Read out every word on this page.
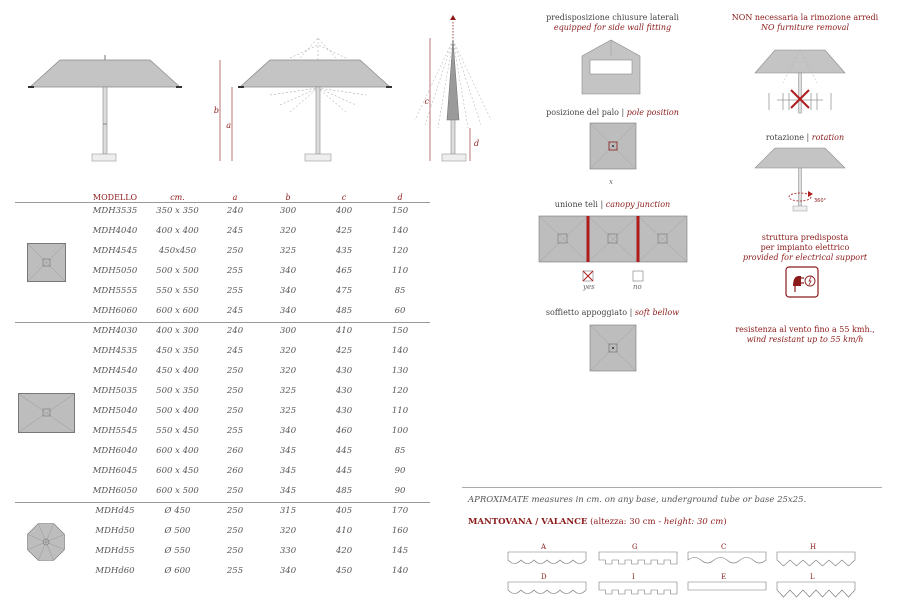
b
a
c
d
predisposizione chiusure laterali
equipped for side wall fitting
posizione del palo | pole position
x
unione teli | canopy junction
yes	no
soffietto appoggiato | soft bellow
NON necessaria la rimozione arredi
NO furniture removal
rotazione | rotation
360°
struttura predisposta
per impianto elettrico
provided for electrical support
resistenza al vento fino a 55 kmh.,
wind resistant up to 55 km/h
MODELLO	cm.	a	b	c	d
MDH3535	350 x 350	240	300	400	150
MDH4040	400 x 400	245	320	425	140
MDH4545	450x450	250	325	435	120
MDH5050	500 x 500	255	340	465	110
MDH5555	550 x 550	255	340	475	85
MDH6060	600 x 600	245	340	485	60
MDH4030	400 x 300	240	300	410	150
MDH4535	450 x 350	245	320	425	140
MDH4540	450 x 400	250	320	430	130
MDH5035	500 x 350	250	325	430	120
MDH5040	500 x 400	250	325	430	110
MDH5545	550 x 450	255	340	460	100
MDH6040	600 x 400	260	345	445	85
MDH6045	600 x 450	260	345	445	90
MDH6050	600 x 500	250	345	485	90
MDHd45	Ø 450	250	315	405	170
MDHd50	Ø 500	250	320	410	160
MDHd55	Ø 550	250	330	420	145
MDHd60	Ø 600	255	340	450	140
APROXIMATE measures in cm. on any base, underground tube or base 25x25.
MANTOVANA / VALANCE (altezza: 30 cm - height: 30 cm)
A	G	C	H
D	I	E	L
